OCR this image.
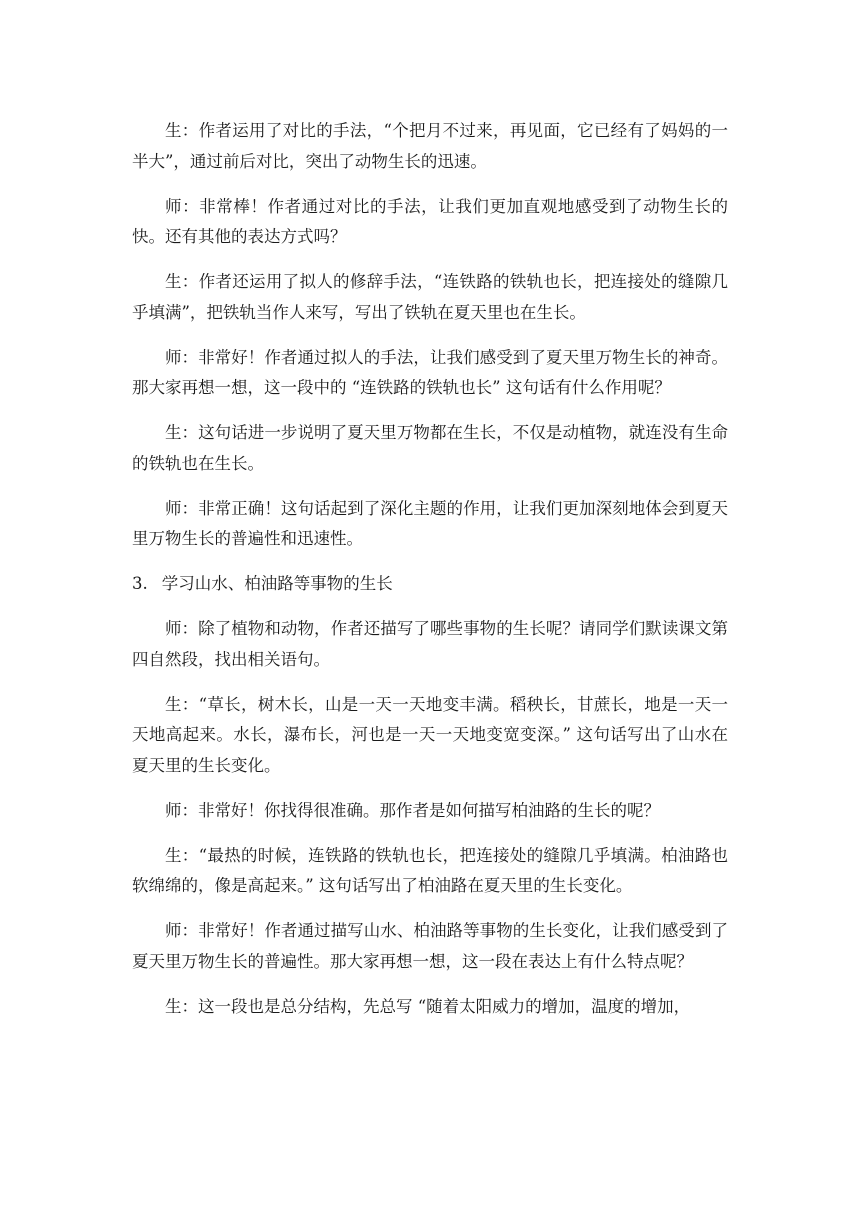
生：作者运用了对比的手法，“个把月不过来，再见面，它已经有了妈妈的一半大”，通过前后对比，突出了动物生长的迅速。

师：非常棒！作者通过对比的手法，让我们更加直观地感受到了动物生长的快。还有其他的表达方式吗？

生：作者还运用了拟人的修辞手法，“连铁路的铁轨也长，把连接处的缝隙几乎填满”，把铁轨当作人来写，写出了铁轨在夏天里也在生长。

师：非常好！作者通过拟人的手法，让我们感受到了夏天里万物生长的神奇。那大家再想一想，这一段中的 “连铁路的铁轨也长” 这句话有什么作用呢？

生：这句话进一步说明了夏天里万物都在生长，不仅是动植物，就连没有生命的铁轨也在生长。

师：非常正确！这句话起到了深化主题的作用，让我们更加深刻地体会到夏天里万物生长的普遍性和迅速性。

3. 学习山水、柏油路等事物的生长

师：除了植物和动物，作者还描写了哪些事物的生长呢？请同学们默读课文第四自然段，找出相关语句。

生：“草长，树木长，山是一天一天地变丰满。稻秧长，甘蔗长，地是一天一天地高起来。水长，瀑布长，河也是一天一天地变宽变深。” 这句话写出了山水在夏天里的生长变化。

师：非常好！你找得很准确。那作者是如何描写柏油路的生长的呢？

生：“最热的时候，连铁路的铁轨也长，把连接处的缝隙几乎填满。柏油路也软绵绵的，像是高起来。” 这句话写出了柏油路在夏天里的生长变化。

师：非常好！作者通过描写山水、柏油路等事物的生长变化，让我们感受到了夏天里万物生长的普遍性。那大家再想一想，这一段在表达上有什么特点呢？

生：这一段也是总分结构，先总写 “随着太阳威力的增加，温度的增加，
